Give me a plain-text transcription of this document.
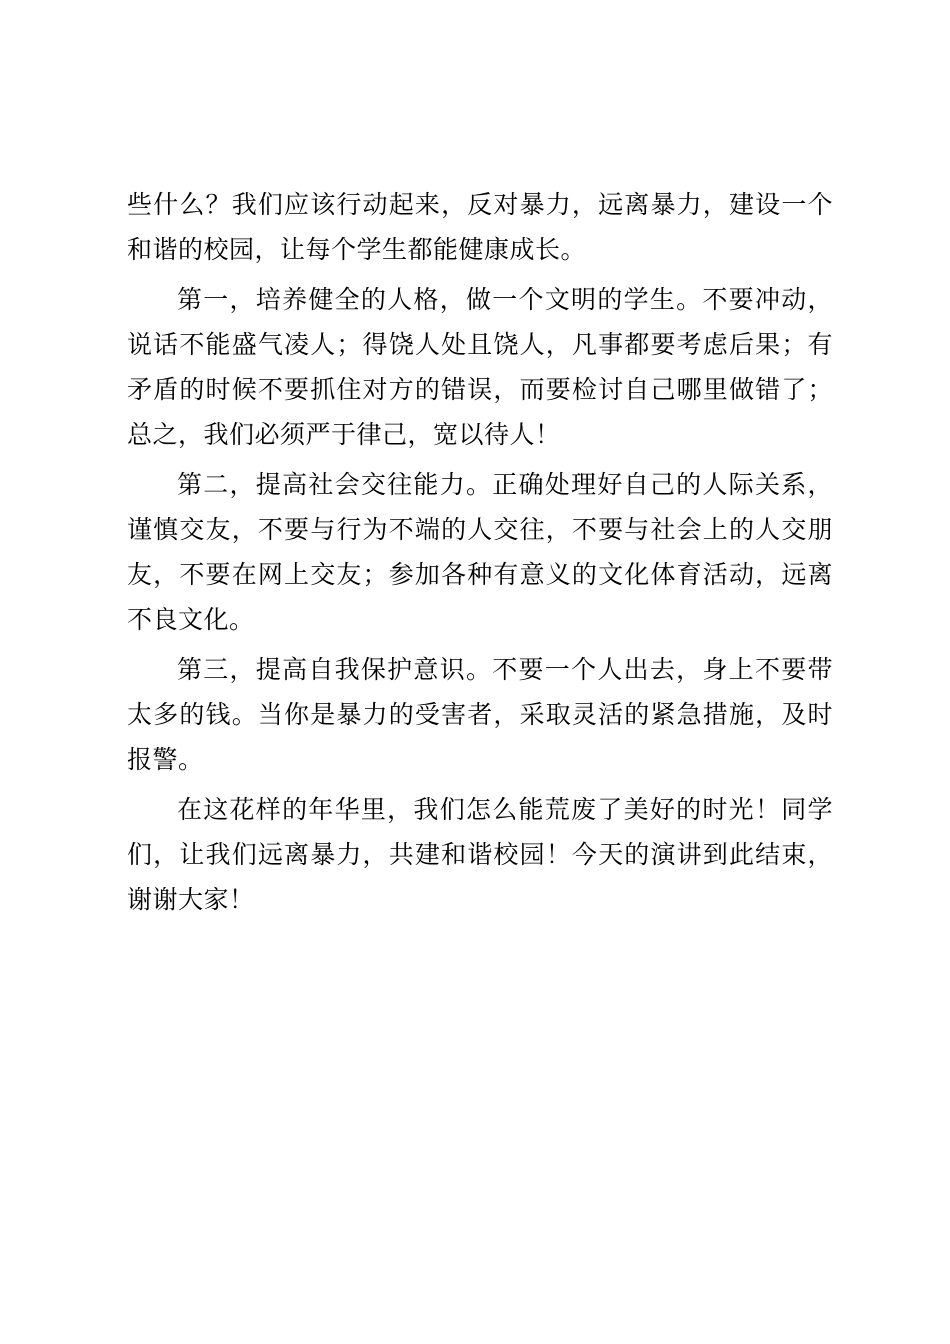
些什么？我们应该行动起来，反对暴力，远离暴力，建设一个和谐的校园，让每个学生都能健康成长。

第一，培养健全的人格，做一个文明的学生。不要冲动，说话不能盛气凌人；得饶人处且饶人，凡事都要考虑后果；有矛盾的时候不要抓住对方的错误，而要检讨自己哪里做错了；总之，我们必须严于律己，宽以待人！

第二，提高社会交往能力。正确处理好自己的人际关系，谨慎交友，不要与行为不端的人交往，不要与社会上的人交朋友，不要在网上交友；参加各种有意义的文化体育活动，远离不良文化。

第三，提高自我保护意识。不要一个人出去，身上不要带太多的钱。当你是暴力的受害者，采取灵活的紧急措施，及时报警。

在这花样的年华里，我们怎么能荒废了美好的时光！同学们，让我们远离暴力，共建和谐校园！今天的演讲到此结束，谢谢大家！
